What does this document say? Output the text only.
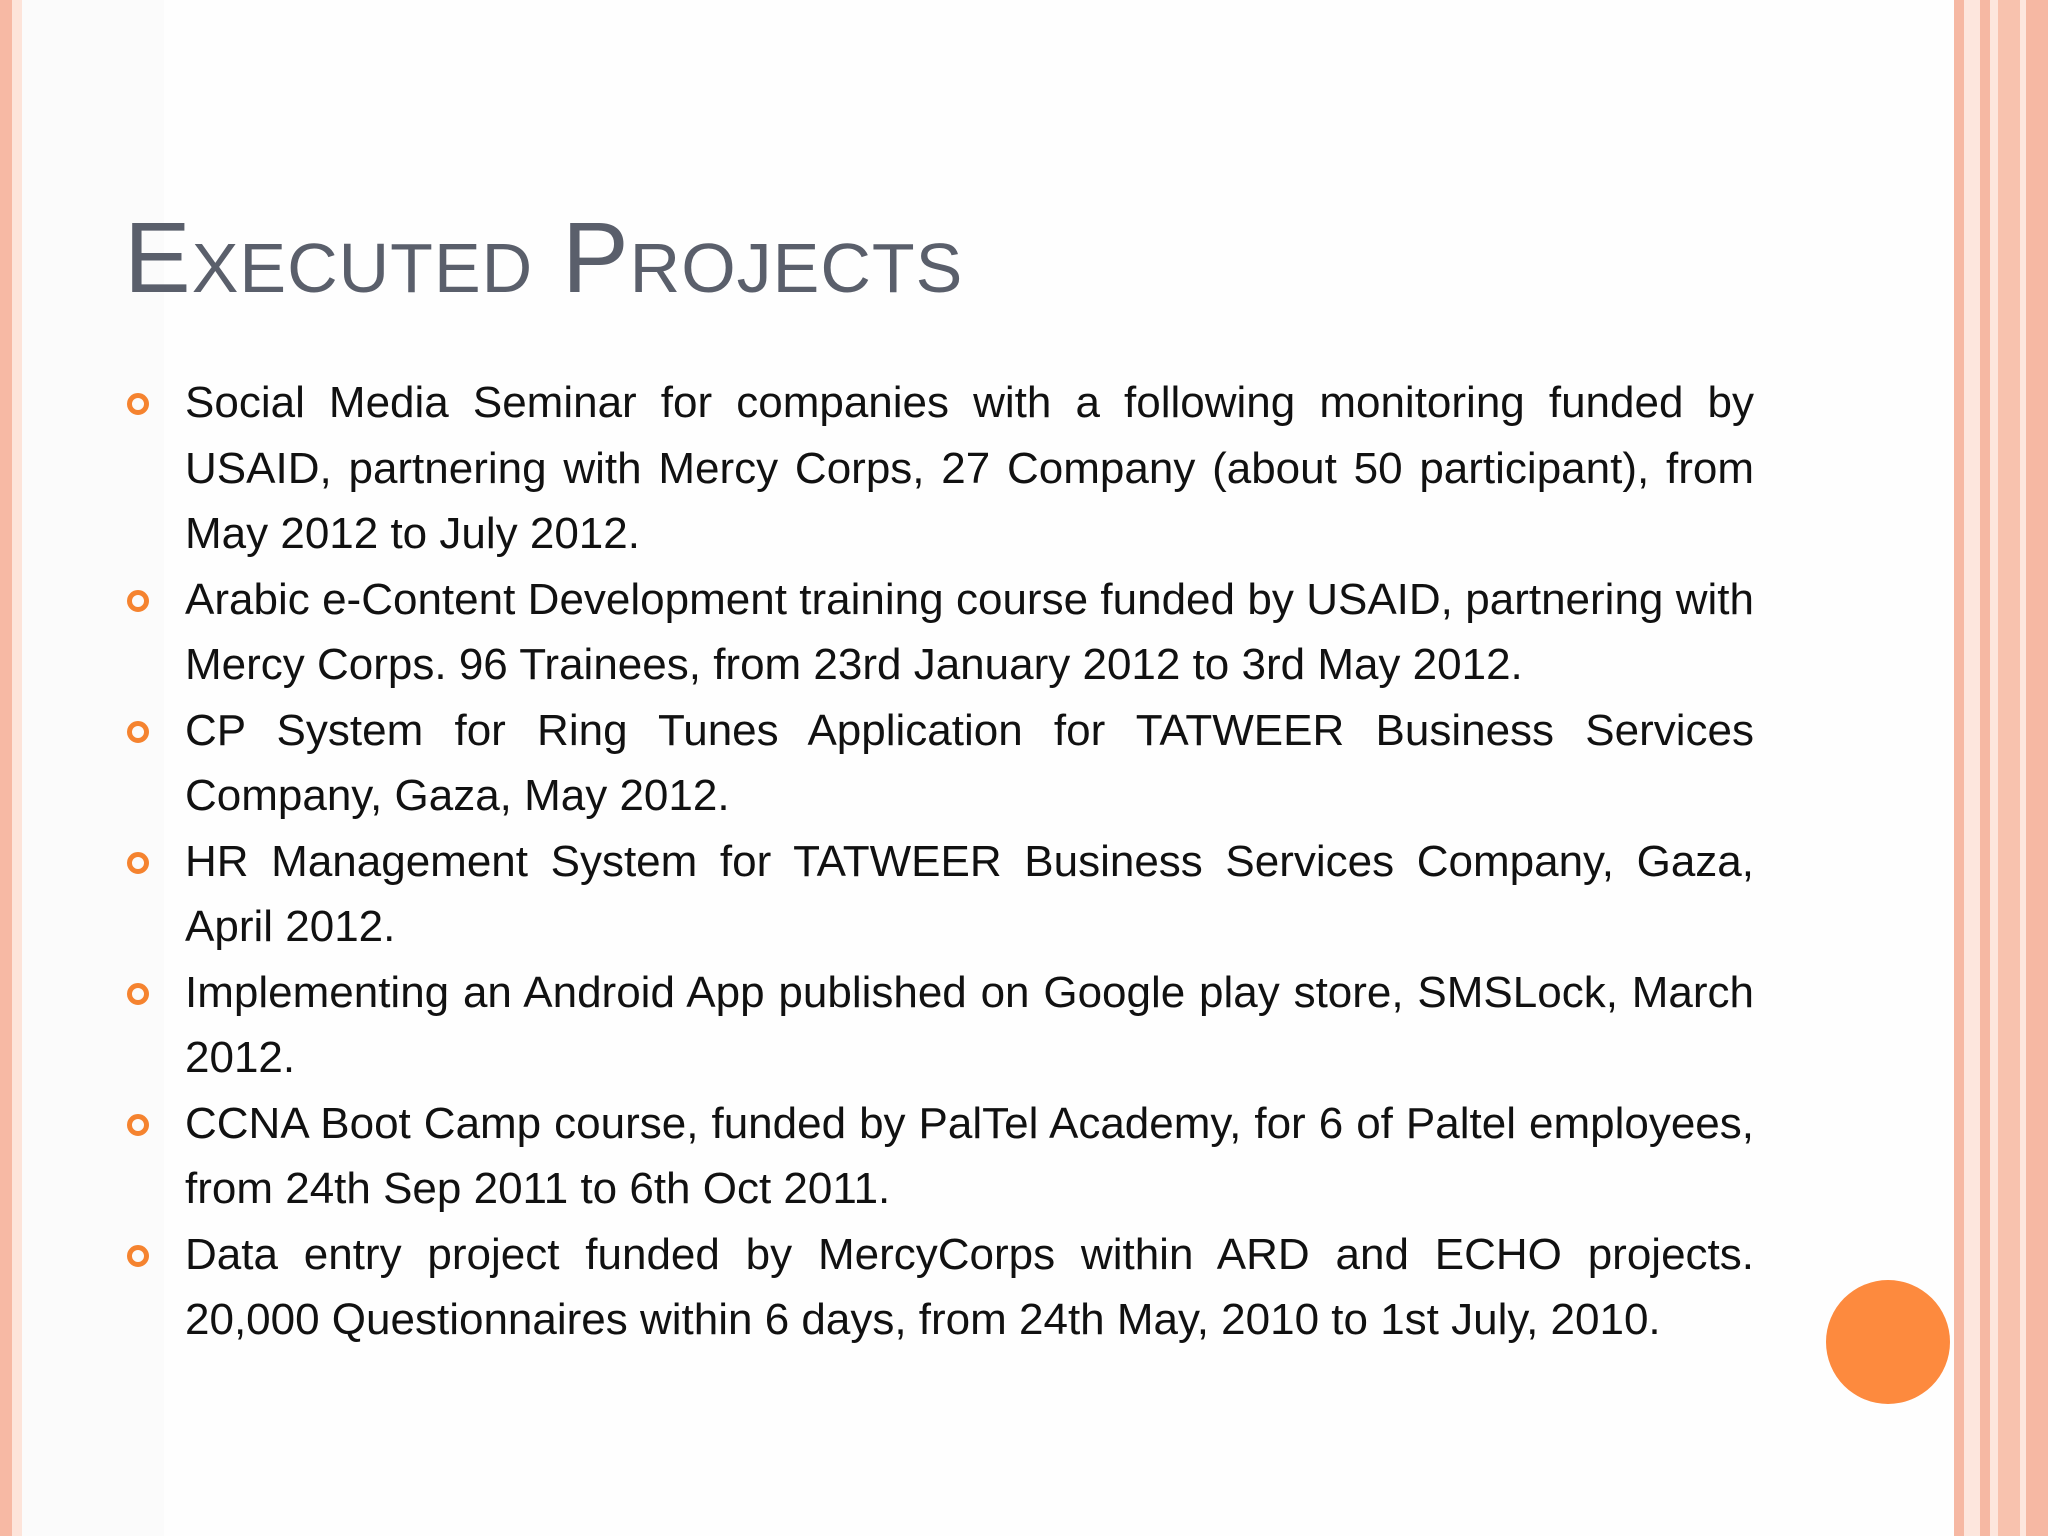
Executed Projects
Social Media Seminar for companies with a following monitoring funded by USAID, partnering with Mercy Corps, 27 Company (about 50 participant), from May 2012 to July 2012.
Arabic e-Content Development training course funded by USAID, partnering with Mercy Corps. 96 Trainees, from 23rd January 2012 to 3rd May 2012.
CP System for Ring Tunes Application for TATWEER Business Services Company, Gaza, May 2012.
HR Management System for TATWEER Business Services Company, Gaza, April 2012.
Implementing an Android App published on Google play store, SMSLock, March 2012.
CCNA Boot Camp course, funded by PalTel Academy, for 6 of Paltel employees, from 24th Sep 2011 to 6th Oct 2011.
Data entry project funded by MercyCorps within ARD and ECHO projects. 20,000 Questionnaires within 6 days, from 24th May, 2010 to 1st July, 2010.
